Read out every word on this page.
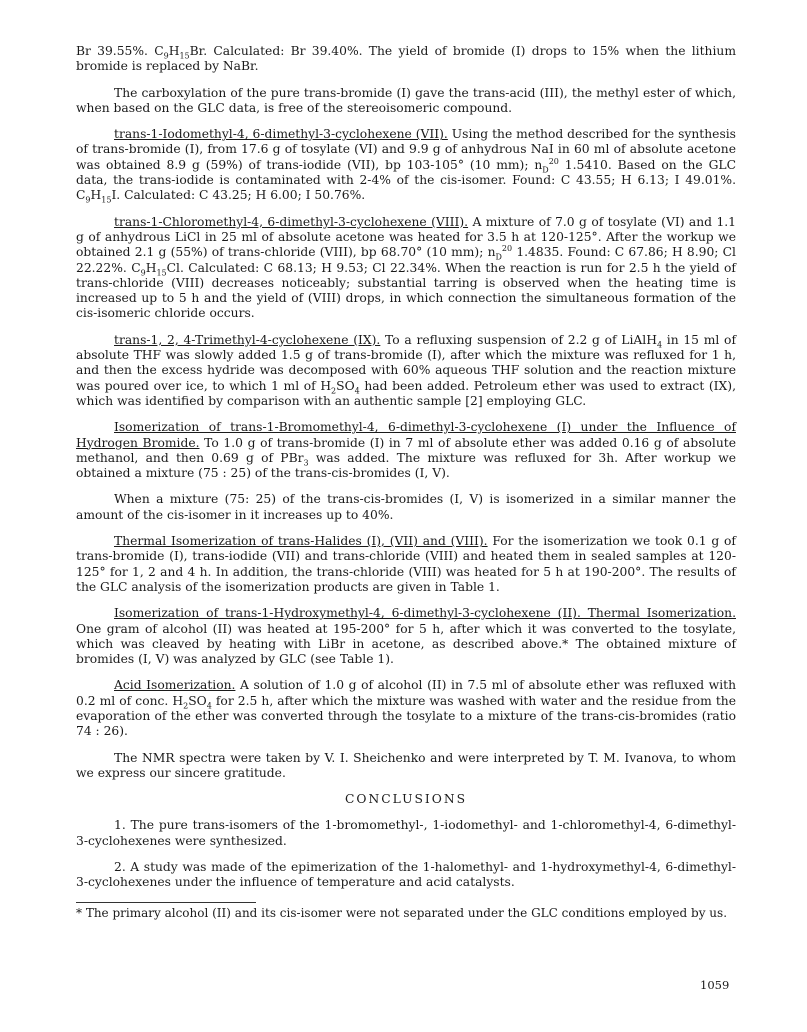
Br 39.55%. $C_9H_{15}Br$. Calculated: Br 39.40%. The yield of bromide (I) drops to 15% when the lithium bromide is replaced by NaBr.

The carboxylation of the pure trans-bromide (I) gave the trans-acid (III), the methyl ester of which, when based on the GLC data, is free of the stereoisomeric compound.

trans-1-Iodomethyl-4, 6-dimethyl-3-cyclohexene (VII). Using the method described for the synthesis of trans-bromide (I), from 17.6 g of tosylate (VI) and 9.9 g of anhydrous NaI in 60 ml of absolute acetone was obtained 8.9 g (59%) of trans-iodide (VII), bp 103-105° (10 mm); $n_D^{20}$ 1.5410. Based on the GLC data, the trans-iodide is contaminated with 2-4% of the cis-isomer. Found: C 43.55; H 6.13; I 49.01%. $C_9H_{15}I$. Calculated: C 43.25; H 6.00; I 50.76%.

trans-1-Chloromethyl-4, 6-dimethyl-3-cyclohexene (VIII). A mixture of 7.0 g of tosylate (VI) and 1.1 g of anhydrous LiCl in 25 ml of absolute acetone was heated for 3.5 h at 120-125°. After the workup we obtained 2.1 g (55%) of trans-chloride (VIII), bp 68.70° (10 mm); $n_D^{20}$ 1.4835. Found: C 67.86; H 8.90; Cl 22.22%. $C_9H_{15}Cl$. Calculated: C 68.13; H 9.53; Cl 22.34%. When the reaction is run for 2.5 h the yield of trans-chloride (VIII) decreases noticeably; substantial tarring is observed when the heating time is increased up to 5 h and the yield of (VIII) drops, in which connection the simultaneous formation of the cis-isomeric chloride occurs.

trans-1, 2, 4-Trimethyl-4-cyclohexene (IX). To a refluxing suspension of 2.2 g of LiAlH$_4$ in 15 ml of absolute THF was slowly added 1.5 g of trans-bromide (I), after which the mixture was refluxed for 1 h, and then the excess hydride was decomposed with 60% aqueous THF solution and the reaction mixture was poured over ice, to which 1 ml of $H_2SO_4$ had been added. Petroleum ether was used to extract (IX), which was identified by comparison with an authentic sample [2] employing GLC.

Isomerization of trans-1-Bromomethyl-4, 6-dimethyl-3-cyclohexene (I) under the Influence of Hydrogen Bromide. To 1.0 g of trans-bromide (I) in 7 ml of absolute ether was added 0.16 g of absolute methanol, and then 0.69 g of PBr$_3$ was added. The mixture was refluxed for 3h. After workup we obtained a mixture (75 : 25) of the trans-cis-bromides (I, V).

When a mixture (75: 25) of the trans-cis-bromides (I, V) is isomerized in a similar manner the amount of the cis-isomer in it increases up to 40%.

Thermal Isomerization of trans-Halides (I), (VII) and (VIII). For the isomerization we took 0.1 g of trans-bromide (I), trans-iodide (VII) and trans-chloride (VIII) and heated them in sealed samples at 120-125° for 1, 2 and 4 h. In addition, the trans-chloride (VIII) was heated for 5 h at 190-200°. The results of the GLC analysis of the isomerization products are given in Table 1.

Isomerization of trans-1-Hydroxymethyl-4, 6-dimethyl-3-cyclohexene (II). Thermal Isomerization. One gram of alcohol (II) was heated at 195-200° for 5 h, after which it was converted to the tosylate, which was cleaved by heating with LiBr in acetone, as described above.* The obtained mixture of bromides (I, V) was analyzed by GLC (see Table 1).

Acid Isomerization. A solution of 1.0 g of alcohol (II) in 7.5 ml of absolute ether was refluxed with 0.2 ml of conc. $H_2SO_4$ for 2.5 h, after which the mixture was washed with water and the residue from the evaporation of the ether was converted through the tosylate to a mixture of the trans-cis-bromides (ratio 74 : 26).

The NMR spectra were taken by V. I. Sheichenko and were interpreted by T. M. Ivanova, to whom we express our sincere gratitude.

CONCLUSIONS

1. The pure trans-isomers of the 1-bromomethyl-, 1-iodomethyl- and 1-chloromethyl-4, 6-dimethyl-3-cyclohexenes were synthesized.

2. A study was made of the epimerization of the 1-halomethyl- and 1-hydroxymethyl-4, 6-dimethyl-3-cyclohexenes under the influence of temperature and acid catalysts.

* The primary alcohol (II) and its cis-isomer were not separated under the GLC conditions employed by us.

1059
